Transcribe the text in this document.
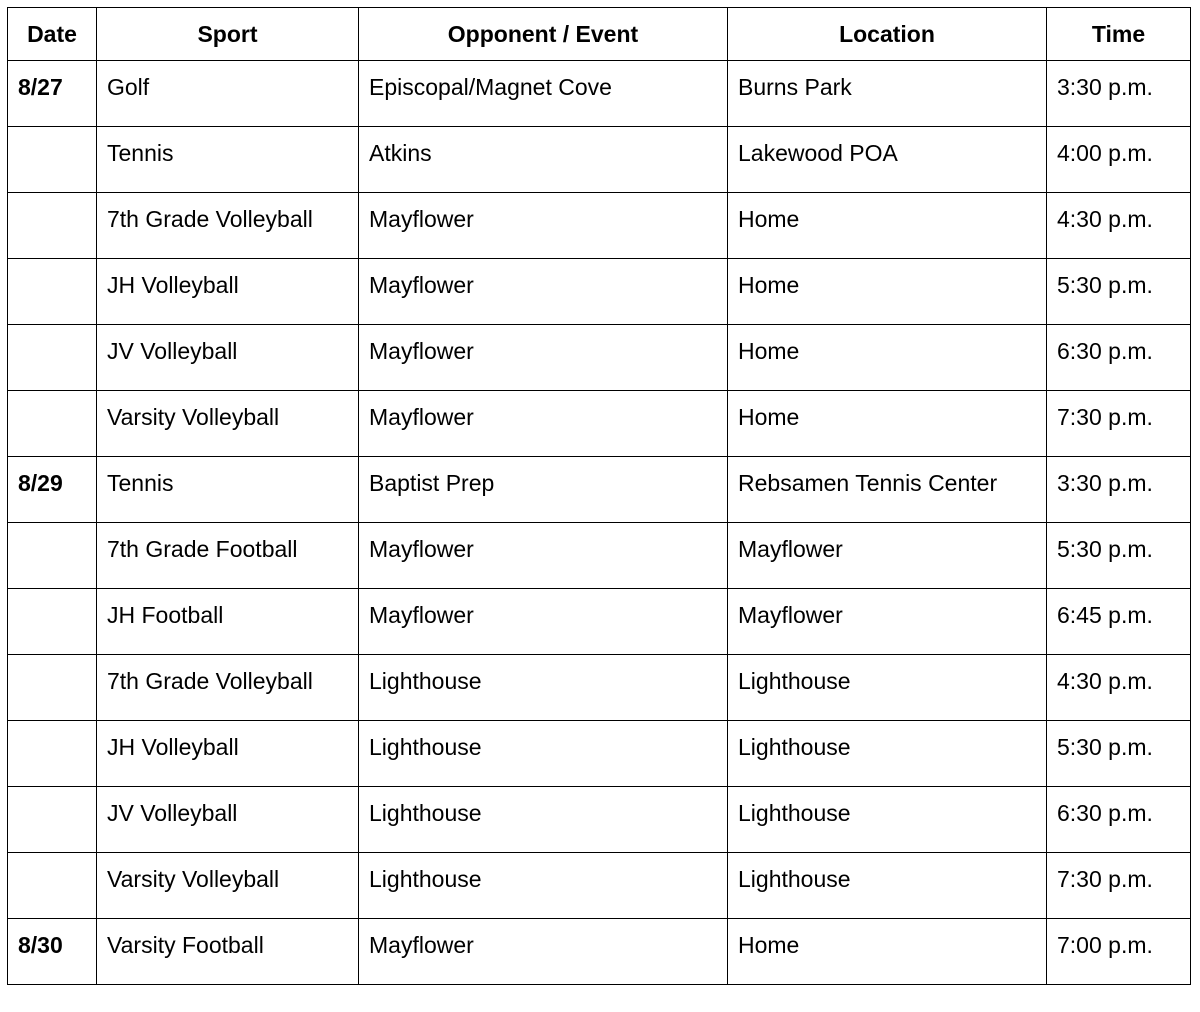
Date	Sport	Opponent / Event	Location	Time
8/27	Golf	Episcopal/Magnet Cove	Burns Park	3:30 p.m.
	Tennis	Atkins	Lakewood POA	4:00 p.m.
	7th Grade Volleyball	Mayflower	Home	4:30 p.m.
	JH Volleyball	Mayflower	Home	5:30 p.m.
	JV Volleyball	Mayflower	Home	6:30 p.m.
	Varsity Volleyball	Mayflower	Home	7:30 p.m.
8/29	Tennis	Baptist Prep	Rebsamen Tennis Center	3:30 p.m.
	7th Grade Football	Mayflower	Mayflower	5:30 p.m.
	JH Football	Mayflower	Mayflower	6:45 p.m.
	7th Grade Volleyball	Lighthouse	Lighthouse	4:30 p.m.
	JH Volleyball	Lighthouse	Lighthouse	5:30 p.m.
	JV Volleyball	Lighthouse	Lighthouse	6:30 p.m.
	Varsity Volleyball	Lighthouse	Lighthouse	7:30 p.m.
8/30	Varsity Football	Mayflower	Home	7:00 p.m.
